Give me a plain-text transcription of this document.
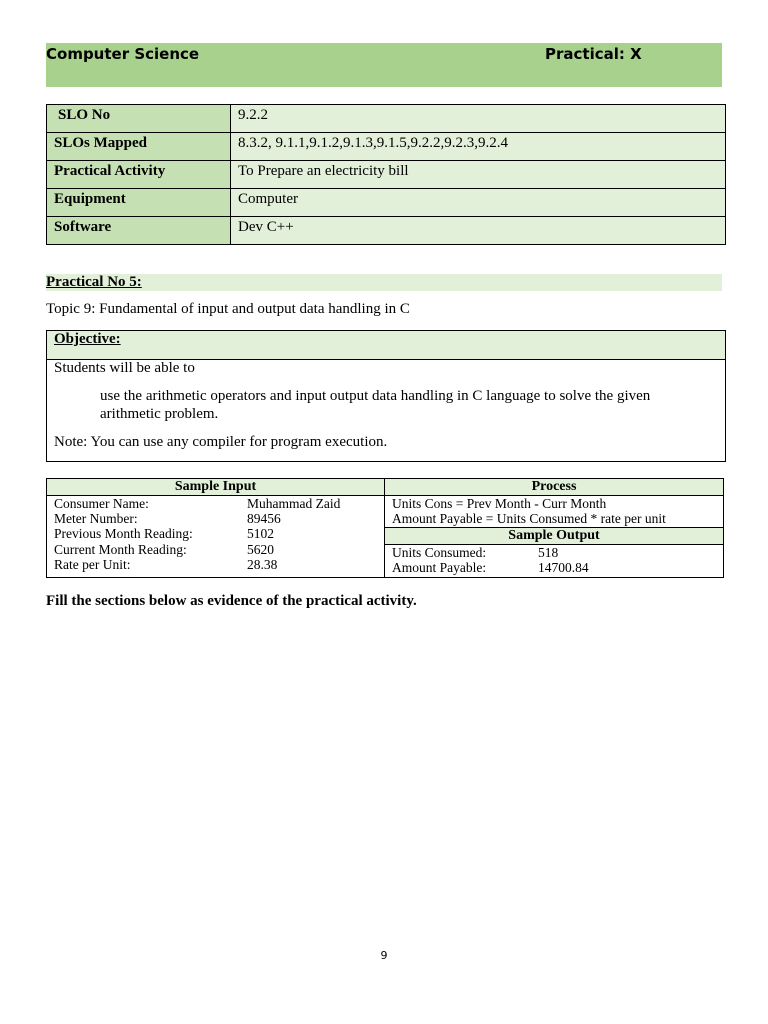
Computer Science	Practical: X
SLO No	9.2.2
SLOs Mapped	8.3.2, 9.1.1,9.1.2,9.1.3,9.1.5,9.2.2,9.2.3,9.2.4
Practical Activity	To Prepare an electricity bill
Equipment	Computer
Software	Dev C++
Practical No 5:
Topic 9: Fundamental of input and output data handling in C
Objective:
Students will be able to
use the arithmetic operators and input output data handling in C language to solve the given arithmetic problem.
Note: You can use any compiler for program execution.
Sample Input
Consumer Name:	Muhammad Zaid
Meter Number:	89456
Previous Month Reading:	5102
Current Month Reading:	5620
Rate per Unit:	28.38
Process
Units Cons = Prev Month - Curr Month
Amount Payable = Units Consumed * rate per unit
Sample Output
Units Consumed:	518
Amount Payable:	14700.84
Fill the sections below as evidence of the practical activity.
9
